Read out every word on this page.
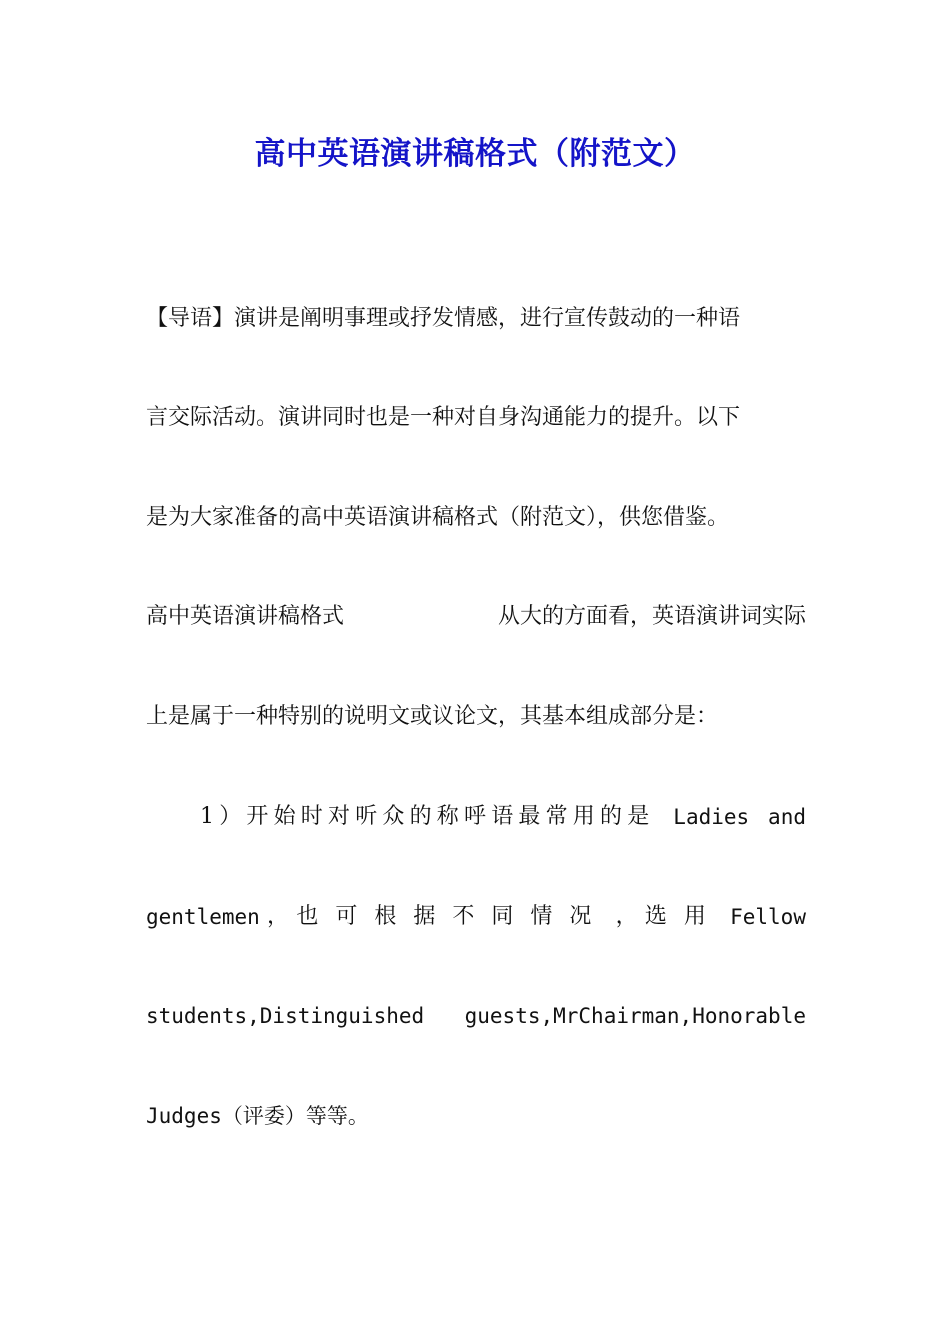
高中英语演讲稿格式（附范文）
【导语】演讲是阐明事理或抒发情感，进行宣传鼓动的一种语
言交际活动。演讲同时也是一种对自身沟通能力的提升。以下
是为大家准备的高中英语演讲稿格式（附范文），供您借鉴。
高中英语演讲稿格式	从大的方面看，英语演讲词实际
上是属于一种特别的说明文或议论文，其基本组成部分是：
1）开始时对听众的称呼语最常用的是 Ladies and
gentlemen ， 也可根据不同情况 ， 选用 Fellow
students,Distinguished guests,MrChairman,Honorable
Judges（评委）等等。
